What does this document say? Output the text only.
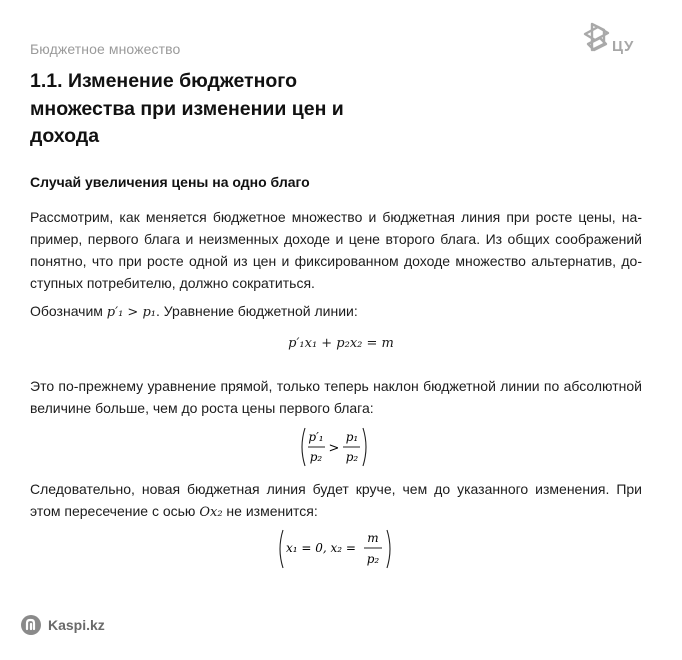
Бюджетное множество	ЦУ
1.1. Изменение бюджетного множества при изменении цен и дохода
Случай увеличения цены на одно благо
Рассмотрим, как меняется бюджетное множество и бюджетная линия при росте цены, например, первого блага и неизменных доходе и цене второго блага. Из общих соображений понятно, что при росте одной из цен и фиксированном доходе множество альтернатив, доступных потребителю, должно сократиться.
Обозначим p′₁ > p₁. Уравнение бюджетной линии:
p′₁x₁ + p₂x₂ = m
Это по-прежнему уравнение прямой, только теперь наклон бюджетной линии по абсолютной величине больше, чем до роста цены первого блага:
p′₁
p₂
>
p₁
p₂
Следовательно, новая бюджетная линия будет круче, чем до указанного изменения. При этом пересечение с осью Ox₂ не изменится:
x₁ = 0, x₂ =
m
p₂
Kaspi.kz
